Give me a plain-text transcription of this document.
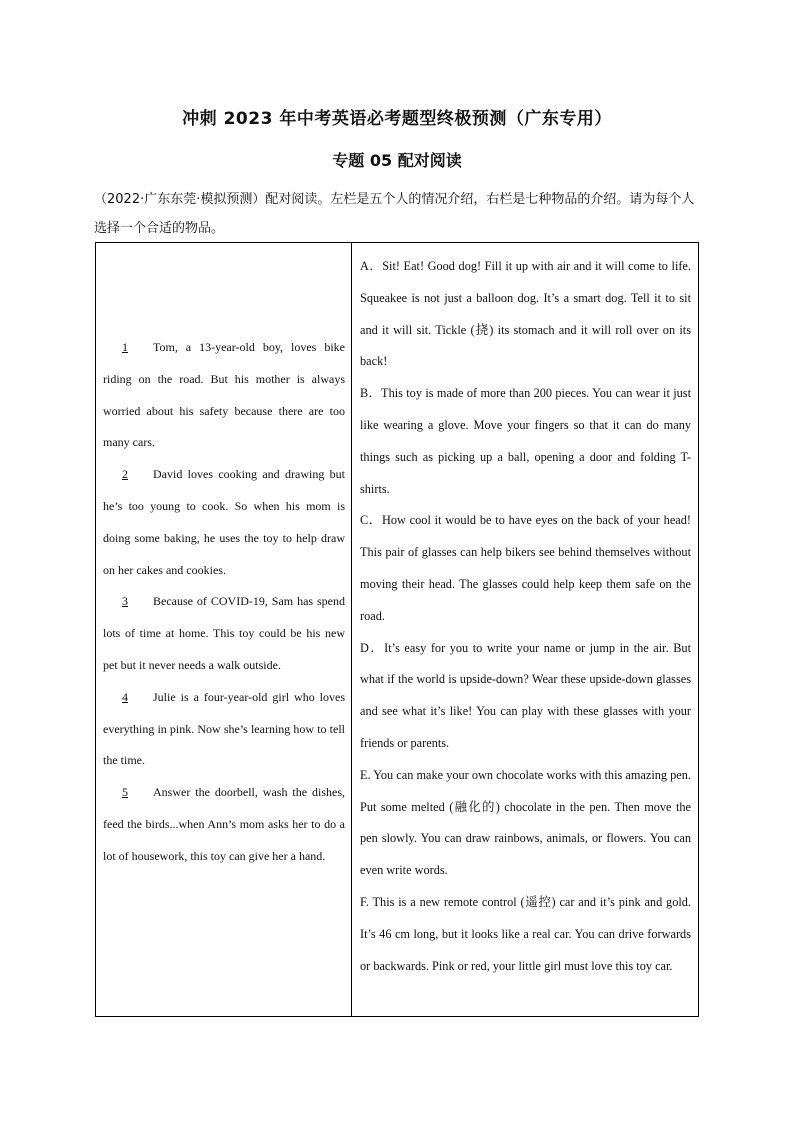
冲刺 2023 年中考英语必考题型终极预测（广东专用）
专题 05 配对阅读
（2022·广东东莞·模拟预测）配对阅读。左栏是五个人的情况介绍，右栏是七种物品的介绍。请为每个人选择一个合适的物品。
1 Tom, a 13-year-old boy, loves bike riding on the road. But his mother is always worried about his safety because there are too many cars.
2 David loves cooking and drawing but he’s too young to cook. So when his mom is doing some baking, he uses the toy to help draw on her cakes and cookies.
3 Because of COVID-19, Sam has spend lots of time at home. This toy could be his new pet but it never needs a walk outside.
4 Julie is a four-year-old girl who loves everything in pink. Now she’s learning how to tell the time.
5 Answer the doorbell, wash the dishes, feed the birds...when Ann’s mom asks her to do a lot of housework, this toy can give her a hand.
A．Sit! Eat! Good dog! Fill it up with air and it will come to life. Squeakee is not just a balloon dog. It’s a smart dog. Tell it to sit and it will sit. Tickle (挠) its stomach and it will roll over on its back!
B．This toy is made of more than 200 pieces. You can wear it just like wearing a glove. Move your fingers so that it can do many things such as picking up a ball, opening a door and folding T-shirts.
C．How cool it would be to have eyes on the back of your head! This pair of glasses can help bikers see behind themselves without moving their head. The glasses could help keep them safe on the road.
D．It’s easy for you to write your name or jump in the air. But what if the world is upside-down? Wear these upside-down glasses and see what it’s like! You can play with these glasses with your friends or parents.
E. You can make your own chocolate works with this amazing pen. Put some melted (融化的) chocolate in the pen. Then move the pen slowly. You can draw rainbows, animals, or flowers. You can even write words.
F. This is a new remote control (遥控) car and it’s pink and gold. It’s 46 cm long, but it looks like a real car. You can drive forwards or backwards. Pink or red, your little girl must love this toy car.
